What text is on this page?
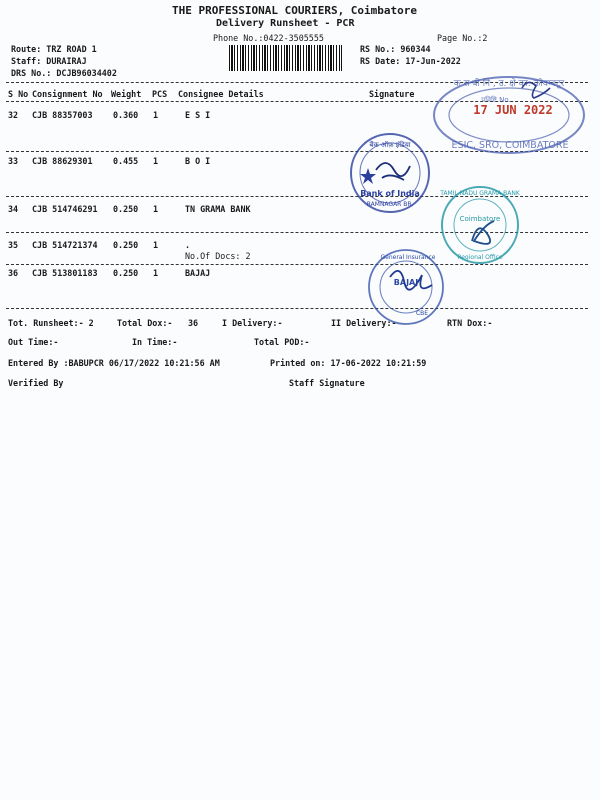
THE PROFESSIONAL COURIERS, Coimbatore
Delivery Runsheet - PCR
Phone No.:0422-3505555	Page No.:2
Route: TRZ ROAD 1
Staff: DURAIRAJ
DRS No.: DCJB96034402
RS No.: 960344
RS Date: 17-Jun-2022
S No Consignment No Weight PCS Consignee Details	Signature
32 CJB 88357003 0.360 1	E S I
33 CJB 88629301 0.455 1	B O I
34 CJB 514746291 0.250 1	TN GRAMA BANK
35 CJB 514721374 0.250 1	.
No.Of Docs: 2
36 CJB 513801183 0.250 1	BAJAJ
Tot. Runsheet:- 2	Total Dox:- 36	I Delivery:-	II Delivery:-	RTN Dox:-
Out Time:-	In Time:-	Total POD:-
Entered By :BABUPCR 06/17/2022 10:21:56 AM	Printed on: 17-06-2022 10:21:59
Verified By	Staff Signature
क रा बी नि , उ. क्षे का. कोयम्बटूर
प्रविष्टि No.
17 JUN 2022
ESIC, SRO, COIMBATORE
बैंक ऑफ़ इंडिया
Bank of India
RAMNAGAR BR.
TAMIL NADU GRAMA BANK
Coimbatore
Regional Office
General Insurance
BAJAJ
CBE
